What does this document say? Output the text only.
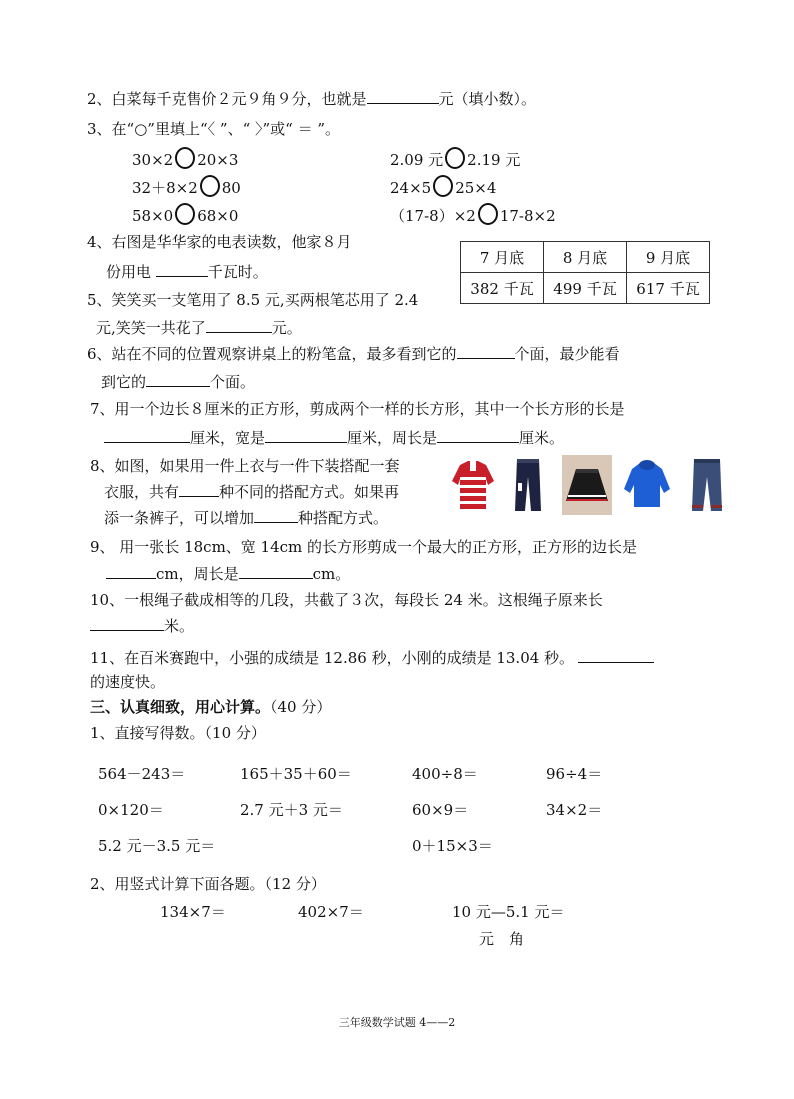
2、白菜每千克售价２元９角９分，也就是	元（填小数）。
3、在“○”里填上“〈 ”、“ 〉”或“ ＝ ”。
30×2 20×3	2.09 元 2.19 元
32＋8×2 80	24×5 25×4
58×0 68×0	（17-8）×2 17-8×2
4、右图是华华家的电表读数，他家８月
份用电	千瓦时。
7 月底	8 月底	9 月底
382 千瓦	499 千瓦	617 千瓦
5、笑笑买一支笔用了 8.5 元,买两根笔芯用了 2.4
元,笑笑一共花了	元。
6、站在不同的位置观察讲桌上的粉笔盒，最多看到它的	个面，最少能看
到它的	个面。
7、用一个边长８厘米的正方形，剪成两个一样的长方形，其中一个长方形的长是
厘米，宽是	厘米，周长是	厘米。
8、如图，如果用一件上衣与一件下装搭配一套
衣服，共有	种不同的搭配方式。如果再
添一条裤子，可以增加	种搭配方式。
9、 用一张长 18cm、宽 14cm 的长方形剪成一个最大的正方形，正方形的边长是
cm，周长是	cm。
10、一根绳子截成相等的几段，共截了３次，每段长 24 米。这根绳子原来长
米。
11、在百米赛跑中，小强的成绩是 12.86 秒，小刚的成绩是 13.04 秒。
的速度快。
三、认真细致，用心计算。（40 分）
1、直接写得数。（10 分）
564－243＝	165＋35＋60＝	400÷8＝	96÷4＝
0×120＝	2.7 元＋3 元＝	60×9＝	34×2＝
5.2 元－3.5 元＝	0＋15×3＝
2、用竖式计算下面各题。（12 分）
134×7＝	402×7＝	10 元—5.1 元＝
元　角
三年级数学试题 4——2
